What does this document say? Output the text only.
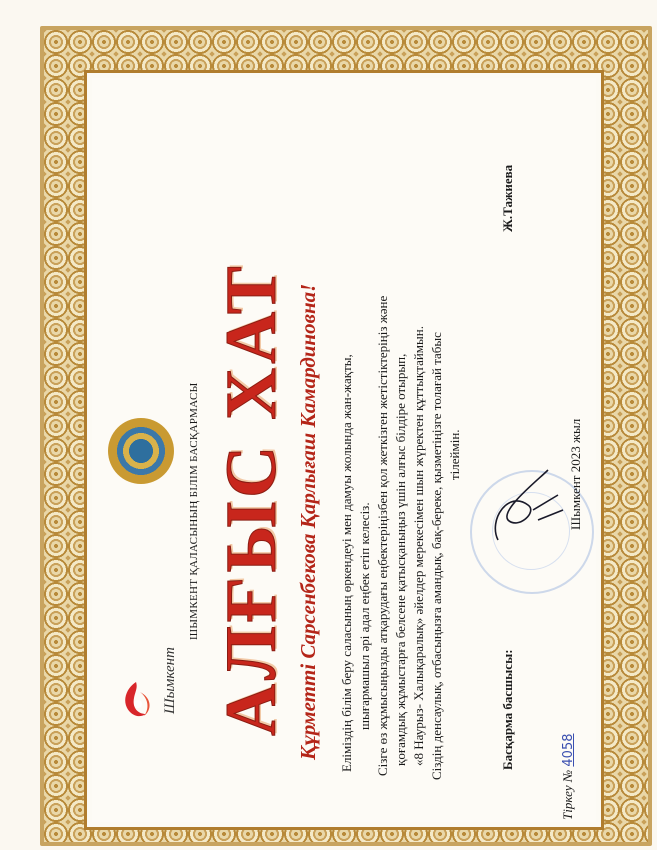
Шымкент
ШЫМКЕНТ ҚАЛАСЫНЫҢ БІЛІМ БАСҚАРМАСЫ АЛҒЫС ХАТ Құрметті Сарсенбекова Қарлығаш Камардиновна! Еліміздің білім беру саласының өркендеуі мен дамуы жолында жан-жақты, шығармашыл әрі адал еңбек етіп келесіз. Сізге өз жұмысыңызды атқарудағы еңбектеріңізбен қол жеткізген жетістіктеріңіз және қоғамдық жұмыстарға белсене қатысқаныңыз үшін алғыс білдіре отырып, «8 Наурыз- Халықаралық» әйелдер мерекесімен шын жүректен құттықтаймын. Сіздің денсаулық, отбасыңызға амандық, бақ-береке, қызметіңізге толағай табыс тілеймін.
Басқарма басшысы:
Ж.Тажиева
Шымкент 2023 жыл
Тіркеу № 4058
